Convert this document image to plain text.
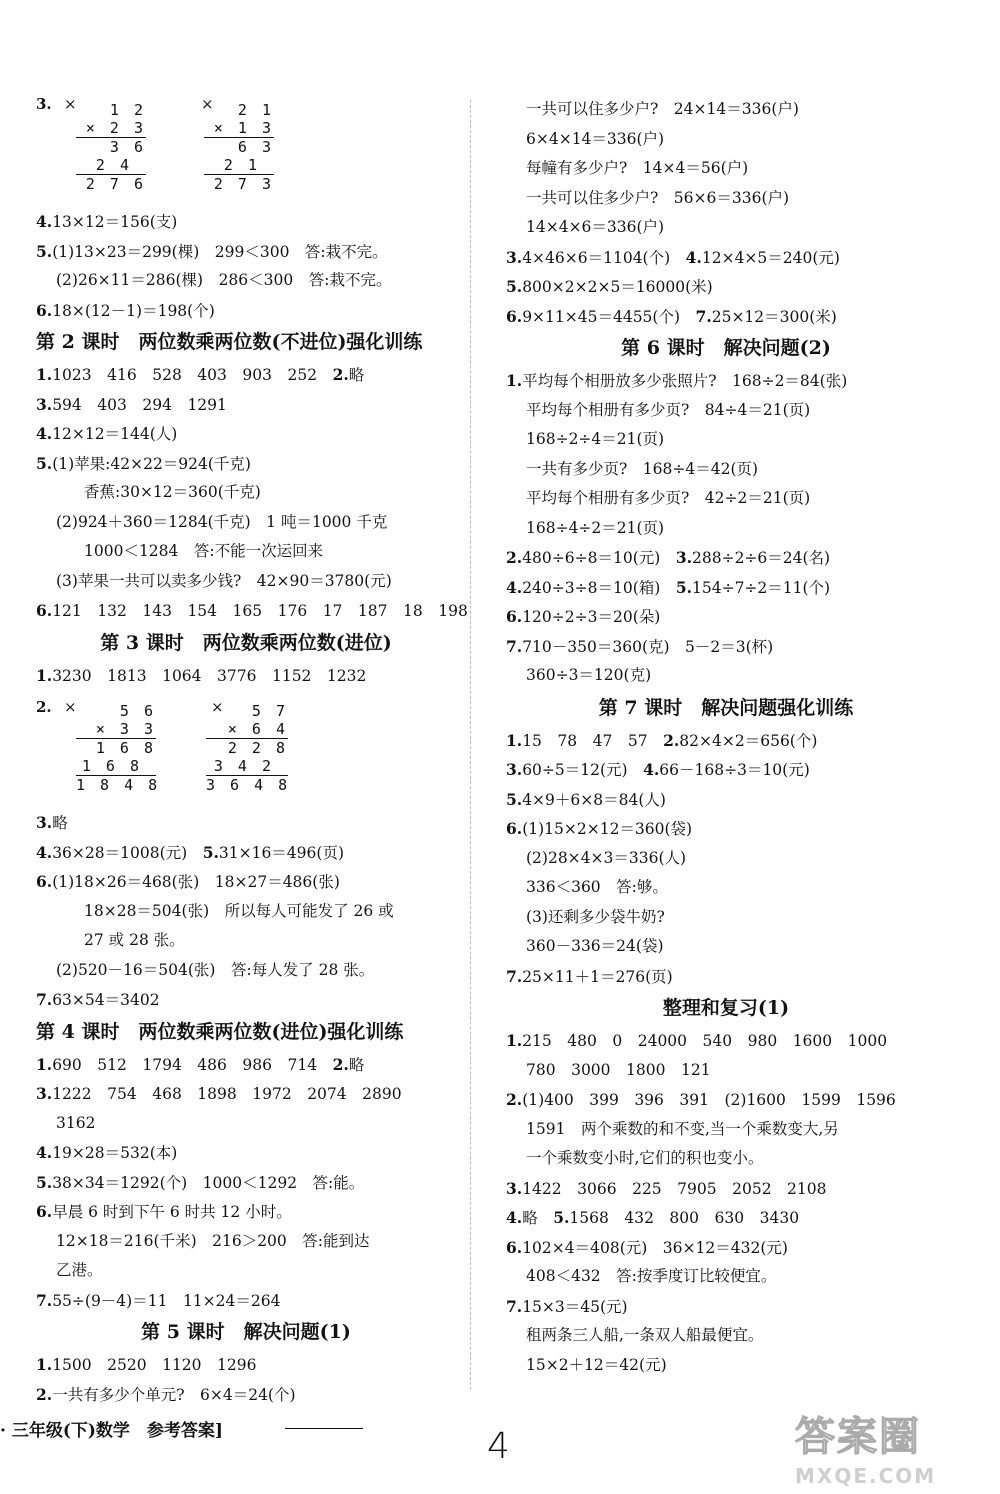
3. ×	1 2
× 2 3
3 6
2 4
2 7 6
×	2 1
× 1 3
6 3
2 1
2 7 3
4.13×12＝156(支)
5.(1)13×23＝299(棵)　299＜300　答:栽不完。
(2)26×11＝286(棵)　286＜300　答:栽不完。
6.18×(12－1)＝198(个)
第 2 课时　两位数乘两位数(不进位)强化训练
1.1023　416　528　403　903　252　 2.略
3.594　403　294　1291
4.12×12＝144(人)
5.(1)苹果:42×22＝924(千克)
香蕉:30×12＝360(千克)
(2)924＋360＝1284(千克)　1 吨＝1000 千克
1000＜1284　答:不能一次运回来
(3)苹果一共可以卖多少钱?　42×90＝3780(元)
6.121　132　143　154　165　176　17　187　18　198
第 3 课时　两位数乘两位数(进位)
1.3230　1813　1064　3776　1152　1232
2. ×	5 6
× 3 3
1 6 8
1 6 8
1 8 4 8
×	5 7
× 6 4
2 2 8
3 4 2
3 6 4 8
3.略
4.36×28＝1008(元)　 5.31×16＝496(页)
6.(1)18×26＝468(张)　18×27＝486(张)
18×28＝504(张)　所以每人可能发了 26 或
27 或 28 张。
(2)520－16＝504(张)　答:每人发了 28 张。
7.63×54＝3402
第 4 课时　两位数乘两位数(进位)强化训练
1.690　512　1794　486　986　714　 2.略
3.1222　754　468　1898　1972　2074　2890
3162
4.19×28＝532(本)
5.38×34＝1292(个)　1000＜1292　答:能。
6.早晨 6 时到下午 6 时共 12 小时。
12×18＝216(千米)　216＞200　答:能到达
乙港。
7.55÷(9－4)＝11　11×24＝264
第 5 课时　解决问题(1)
1.1500　2520　1120　1296
2.一共有多少个单元?　6×4＝24(个)
一共可以住多少户?　24×14＝336(户)
6×4×14＝336(户)
每幢有多少户?　14×4＝56(户)
一共可以住多少户?　56×6＝336(户)
14×4×6＝336(户)
3.4×46×6＝1104(个)　 4.12×4×5＝240(元)
5.800×2×2×5＝16000(米)
6.9×11×45＝4455(个)　 7.25×12＝300(米)
第 6 课时　解决问题(2)
1.平均每个相册放多少张照片?　168÷2＝84(张)
平均每个相册有多少页?　84÷4＝21(页)
168÷2÷4＝21(页)
一共有多少页?　168÷4＝42(页)
平均每个相册有多少页?　42÷2＝21(页)
168÷4÷2＝21(页)
2.480÷6÷8＝10(元)　 3.288÷2÷6＝24(名)
4.240÷3÷8＝10(箱)　 5.154÷7÷2＝11(个)
6.120÷2÷3＝20(朵)
7.710－350＝360(克)　5－2＝3(杯)
360÷3＝120(克)
第 7 课时　解决问题强化训练
1.15　78　47　57　 2.82×4×2＝656(个)
3.60÷5＝12(元)　 4.66－168÷3＝10(元)
5.4×9＋6×8＝84(人)
6.(1)15×2×12＝360(袋)
(2)28×4×3＝336(人)
336＜360　答:够。
(3)还剩多少袋牛奶?
360－336＝24(袋)
7.25×11＋1＝276(页)
整理和复习(1)
1.215　480　0　24000　540　980　1600　1000
780　3000　1800　121
2.(1)400　399　396　391　(2)1600　1599　1596
1591　两个乘数的和不变,当一个乘数变大,另
一个乘数变小时,它们的积也变小。
3.1422　3066　225　7905　2052　2108
4.略　 5.1568　432　800　630　3430
6.102×4＝408(元)　36×12＝432(元)
408＜432　答:按季度订比较便宜。
7.15×3＝45(元)
租两条三人船,一条双人船最便宜。
15×2＋12＝42(元)
· 三年级(下)数学　参考答案]	4	答案圈
MXQE.COM
